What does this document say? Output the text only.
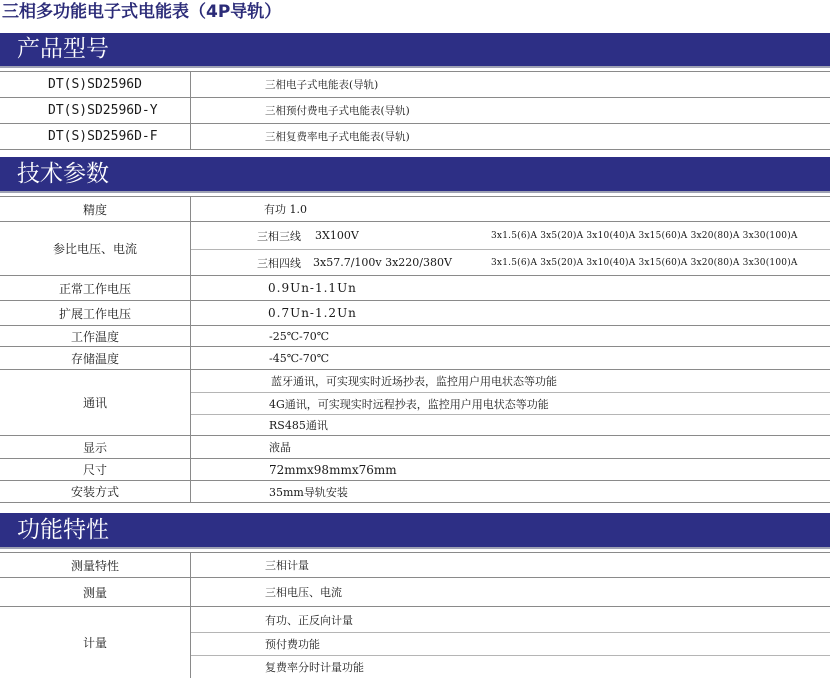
三相多功能电子式电能表（4P导轨）
产品型号
DT(S)SD2596D	三相电子式电能表(导轨)
DT(S)SD2596D-Y	三相预付费电子式电能表(导轨)
DT(S)SD2596D-F	三相复费率电子式电能表(导轨)
技术参数
精度	有功 1.0
参比电压、电流
三相三线 3X100V	3x1.5(6)A 3x5(20)A 3x10(40)A 3x15(60)A 3x20(80)A 3x30(100)A
三相四线 3x57.7/100v 3x220/380V	3x1.5(6)A 3x5(20)A 3x10(40)A 3x15(60)A 3x20(80)A 3x30(100)A
正常工作电压	0.9Un-1.1Un
扩展工作电压	0.7Un-1.2Un
工作温度	-25℃-70℃
存储温度	-45℃-70℃
通讯
蓝牙通讯，可实现实时近场抄表，监控用户用电状态等功能
4G通讯，可实现实时远程抄表，监控用户用电状态等功能
RS485通讯
显示	液晶
尺寸	72mmx98mmx76mm
安装方式	35mm导轨安装
功能特性
测量特性	三相计量
测量	三相电压、电流
计量
有功、正反向计量
预付费功能
复费率分时计量功能
